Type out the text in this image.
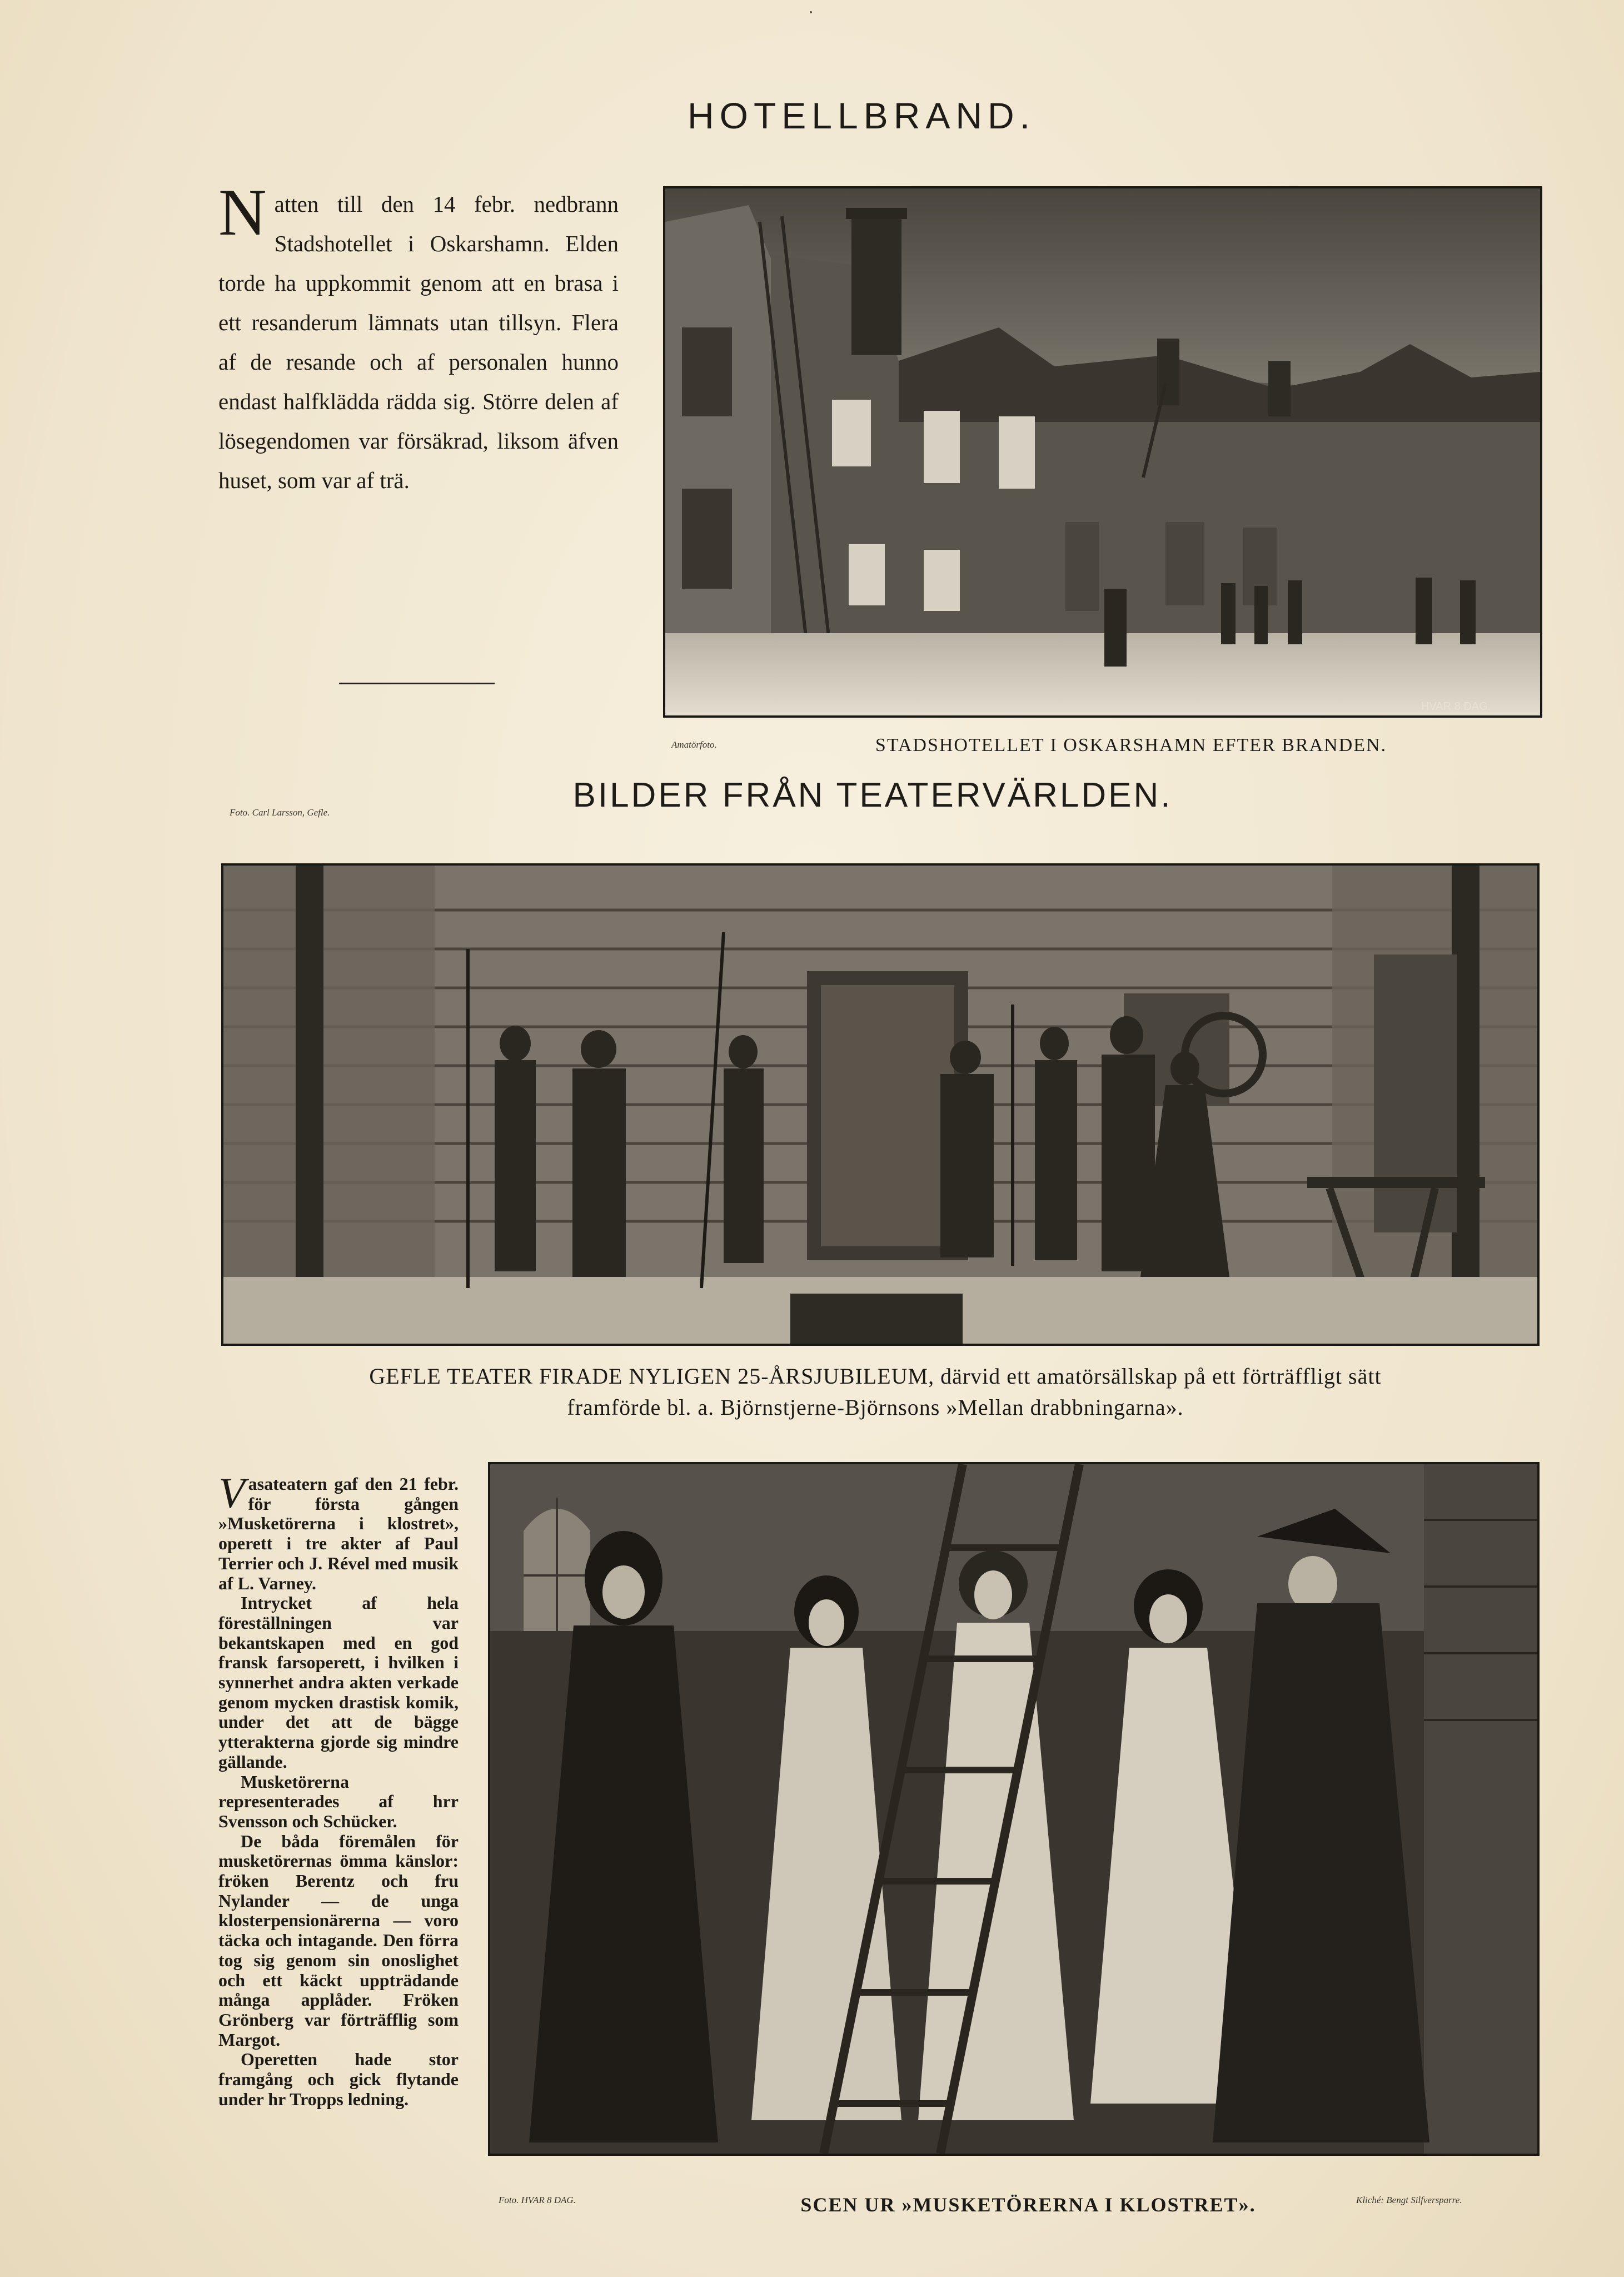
HOTELLBRAND.
Natten till den 14 febr. nedbrann Stadshotellet i Oskarshamn. Elden torde ha uppkommit genom att en brasa i ett resanderum lämnats utan tillsyn. Flera af de resande och af personalen hunno endast halfklädda rädda sig. Större delen af lösegendomen var försäkrad, liksom äfven huset, som var af trä.
HVAR 8 DAG.
Amatörfoto.	STADSHOTELLET I OSKARSHAMN EFTER BRANDEN.
Foto. Carl Larsson, Gefle.	BILDER FRÅN TEATERVÄRLDEN.
GEFLE TEATER FIRADE NYLIGEN 25-ÅRSJUBILEUM, därvid ett amatörsällskap på ett förträffligt sätt
framförde bl. a. Björnstjerne-Björnsons »Mellan drabbningarna».

Vasateatern gaf den 21 febr. för första gången »Musketörerna i klostret», operett i tre akter af Paul Terrier och J. Rével med musik af L. Varney.

Intrycket af hela föreställningen var bekantskapen med en god fransk farsoperett, i hvilken i synnerhet andra akten verkade genom mycken drastisk komik, under det att de bägge ytterakterna gjorde sig mindre gällande.

Musketörerna representerades af hrr Svensson och Schücker.

De båda föremålen för musketörernas ömma känslor: fröken Berentz och fru Nylander — de unga klosterpensionärerna — voro täcka och intagande. Den förra tog sig genom sin onoslighet och ett käckt uppträdande många applåder. Fröken Grönberg var förträfflig som Margot.

Operetten hade stor framgång och gick flytande under hr Tropps ledning.

Foto. HVAR 8 DAG.	SCEN UR »MUSKETÖRERNA I KLOSTRET».	Kliché: Bengt Silfversparre.
